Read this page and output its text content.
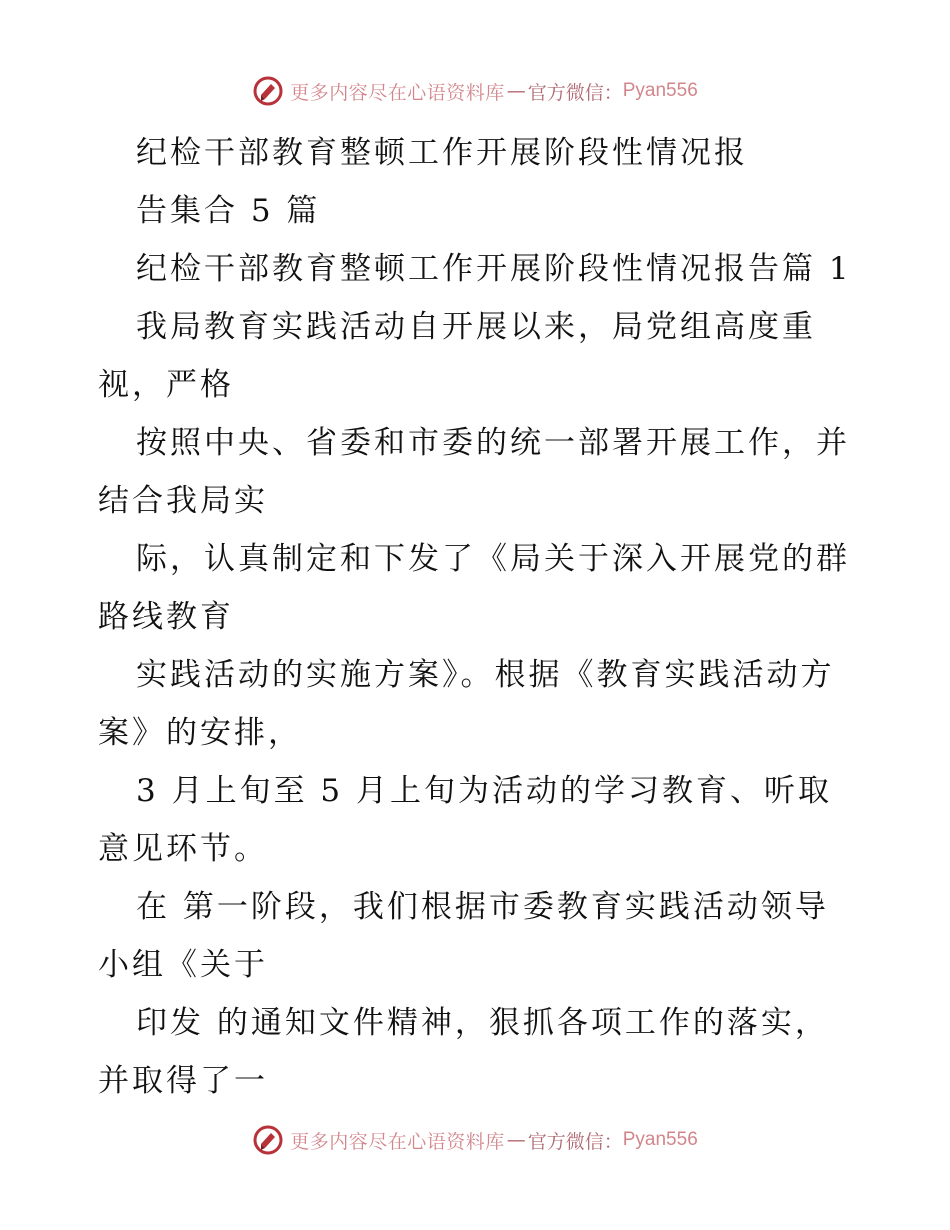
更多内容尽在心语资料库 — 官方微信： Pyan556
纪检干部教育整顿工作开展阶段性情况报
告集合 5 篇
纪检干部教育整顿工作开展阶段性情况报告篇 1
我局教育实践活动自开展以来，局党组高度重
视，严格
按照中央、省委和市委的统一部署开展工作，并
结合我局实
际，认真制定和下发了《局关于深入开展党的群
路线教育
实践活动的实施方案》。根据《教育实践活动方
案》的安排，
3 月上旬至 5 月上旬为活动的学习教育、听取
意见环节。
在 第一阶段，我们根据市委教育实践活动领导
小组《关于
印发 的通知文件精神，狠抓各项工作的落实，
并取得了一
更多内容尽在心语资料库 — 官方微信： Pyan556
